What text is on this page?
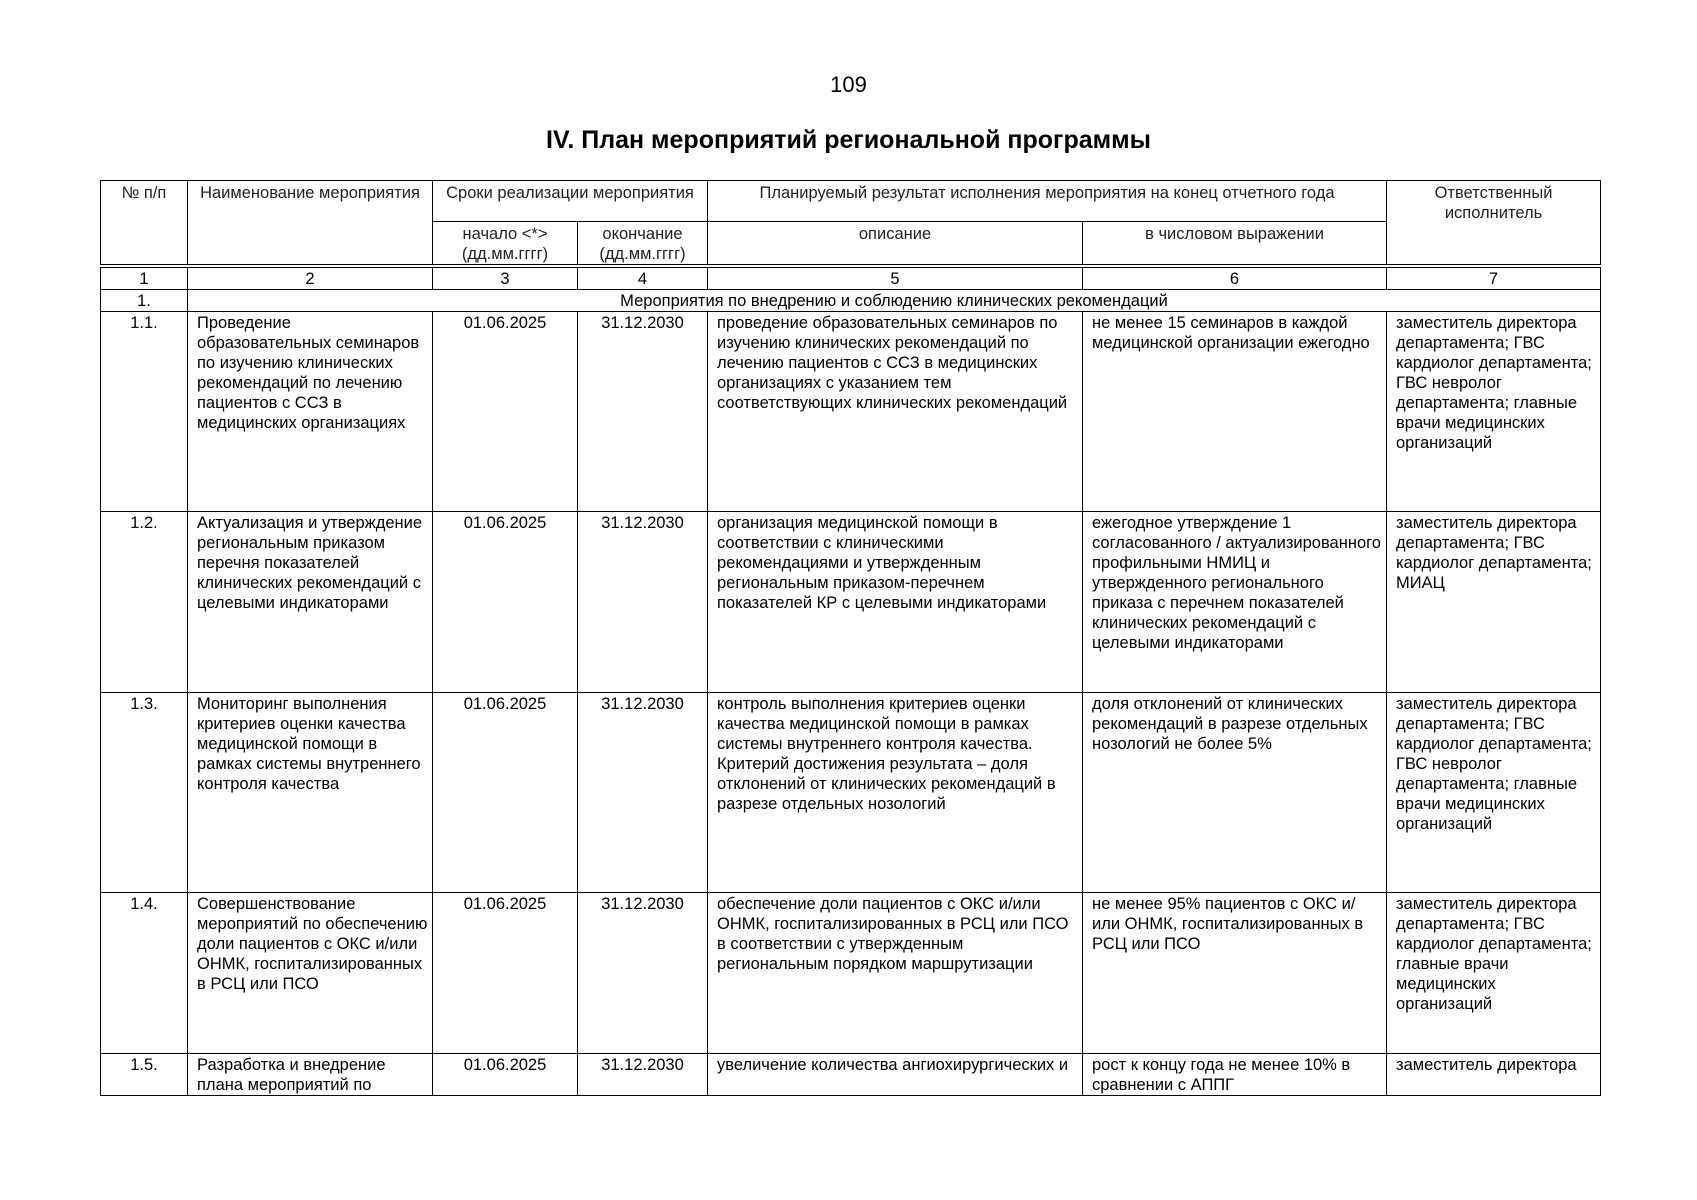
109
IV. План мероприятий региональной программы
№ п/п	Наименование мероприятия	Сроки реализации мероприятия		Планируемый результат исполнения мероприятия на конец отчетного года		Ответственный исполнитель
		начало <*> (дд.мм.гггг)	окончание (дд.мм.гггг)	описание	в числовом выражении	
1	2	3	4	5	6	7
1.	Мероприятия по внедрению и соблюдению клинических рекомендаций					
1.1.	Проведение образовательных семинаров по изучению клинических рекомендаций по лечению пациентов с ССЗ в медицинских организациях	01.06.2025	31.12.2030	проведение образовательных семинаров по изучению клинических рекомендаций по лечению пациентов с ССЗ в медицинских организациях с указанием тем соответствующих клинических рекомендаций	не менее 15 семинаров в каждой медицинской организации ежегодно	заместитель директора департамента; ГВС кардиолог департамента; ГВС невролог департамента; главные врачи медицинских организаций
1.2.	Актуализация и утверждение региональным приказом перечня показателей клинических рекомендаций с целевыми индикаторами	01.06.2025	31.12.2030	организация медицинской помощи в соответствии с клиническими рекомендациями и утвержденным региональным приказом-перечнем показателей КР с целевыми индикаторами	ежегодное утверждение 1 согласованного / актуализированного профильными НМИЦ и утвержденного регионального приказа с перечнем показателей клинических рекомендаций с целевыми индикаторами	заместитель директора департамента; ГВС кардиолог департамента; МИАЦ
1.3.	Мониторинг выполнения критериев оценки качества медицинской помощи в рамках системы внутреннего контроля качества	01.06.2025	31.12.2030	контроль выполнения критериев оценки качества медицинской помощи в рамках системы внутреннего контроля качества. Критерий достижения результата – доля отклонений от клинических рекомендаций в разрезе отдельных нозологий	доля отклонений от клинических рекомендаций в разрезе отдельных нозологий не более 5%	заместитель директора департамента; ГВС кардиолог департамента; ГВС невролог департамента; главные врачи медицинских организаций
1.4.	Совершенствование мероприятий по обеспечению доли пациентов с ОКС и/или ОНМК, госпитализированных в РСЦ или ПСО	01.06.2025	31.12.2030	обеспечение доли пациентов с ОКС и/или ОНМК, госпитализированных в РСЦ или ПСО в соответствии с утвержденным региональным порядком маршрутизации	не менее 95% пациентов с ОКС и/или ОНМК, госпитализированных в РСЦ или ПСО	заместитель директора департамента; ГВС кардиолог департамента; главные врачи медицинских организаций
1.5.	Разработка и внедрение плана мероприятий по	01.06.2025	31.12.2030	увеличение количества ангиохирургических и	рост к концу года не менее 10% в сравнении с АППГ	заместитель директора
